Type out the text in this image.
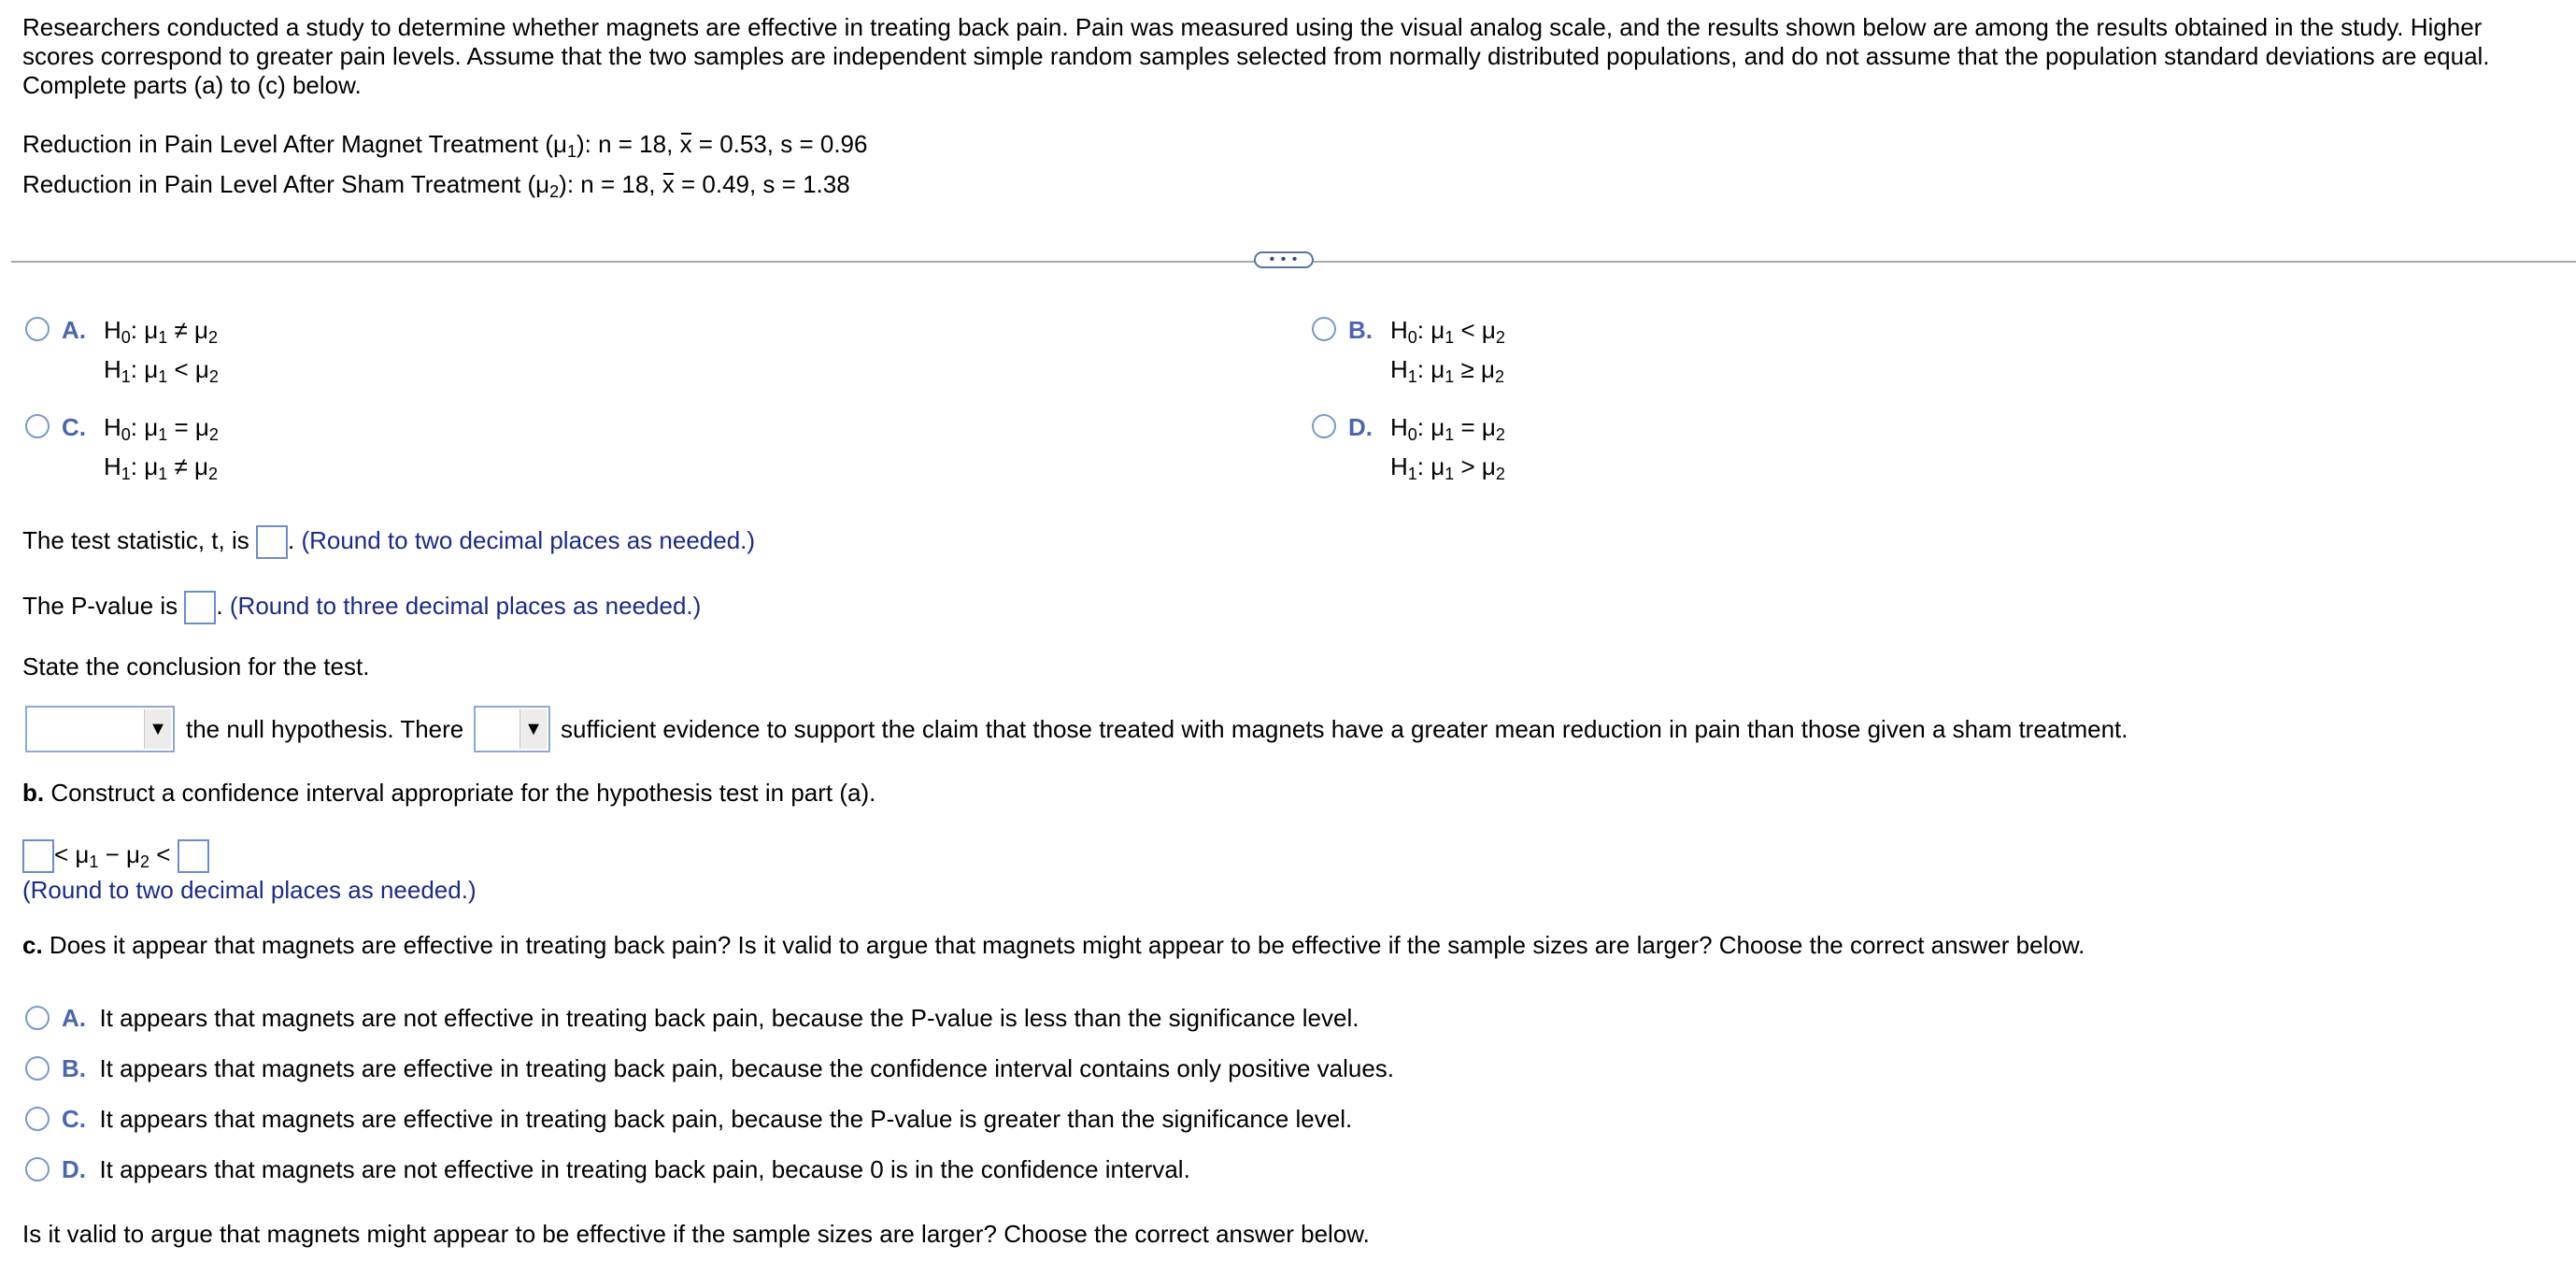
Researchers conducted a study to determine whether magnets are effective in treating back pain. Pain was measured using the visual analog scale, and the results shown below are among the results obtained in the study. Higher scores correspond to greater pain levels. Assume that the two samples are independent simple random samples selected from normally distributed populations, and do not assume that the population standard deviations are equal. Complete parts (a) to (c) below.

Reduction in Pain Level After Magnet Treatment $(\mu_1)$: n = 18, x = 0.53, s = 0.96
Reduction in Pain Level After Sham Treatment $(\mu_2)$: n = 18, x = 0.49, s = 1.38
• • •
A. $H_0$: $\mu_1 \ne \mu_2$
$H_1$: $\mu_1 < \mu_2$
B. $H_0$: $\mu_1 < \mu_2$
$H_1$: $\mu_1 \ge \mu_2$
C. $H_0$: $\mu_1 = \mu_2$
$H_1$: $\mu_1 \ne \mu_2$
D. $H_0$: $\mu_1 = \mu_2$
$H_1$: $\mu_1 > \mu_2$
The test statistic, t, is . (Round to two decimal places as needed.)
The P-value is . (Round to three decimal places as needed.)
State the conclusion for the test.
▼ the null hypothesis. There	▼ sufficient evidence to support the claim that those treated with magnets have a greater mean reduction in pain than those given a sham treatment.
b. Construct a confidence interval appropriate for the hypothesis test in part (a).
< $\mu_1 - \mu_2$ <
(Round to two decimal places as needed.)
c. Does it appear that magnets are effective in treating back pain? Is it valid to argue that magnets might appear to be effective if the sample sizes are larger? Choose the correct answer below.
A. It appears that magnets are not effective in treating back pain, because the P-value is less than the significance level.
B. It appears that magnets are effective in treating back pain, because the confidence interval contains only positive values.
C. It appears that magnets are effective in treating back pain, because the P-value is greater than the significance level.
D. It appears that magnets are not effective in treating back pain, because 0 is in the confidence interval.
Is it valid to argue that magnets might appear to be effective if the sample sizes are larger? Choose the correct answer below.
